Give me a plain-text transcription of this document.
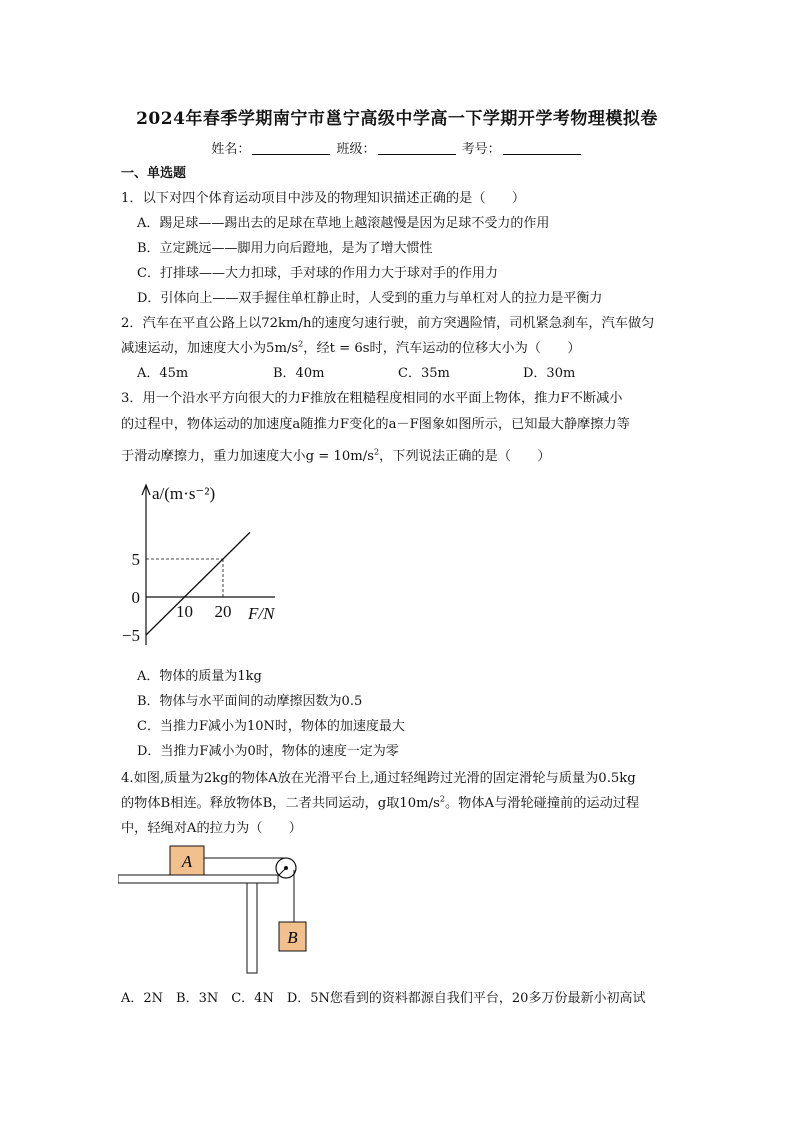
2024年春季学期南宁市邕宁高级中学高一下学期开学考物理模拟卷
姓名：	班级：	考号：
一、单选题
1．以下对四个体育运动项目中涉及的物理知识描述正确的是（　　）
A．踢足球——踢出去的足球在草地上越滚越慢是因为足球不受力的作用
B．立定跳远——脚用力向后蹬地，是为了增大惯性
C．打排球——大力扣球，手对球的作用力大于球对手的作用力
D．引体向上——双手握住单杠静止时，人受到的重力与单杠对人的拉力是平衡力
2．汽车在平直公路上以72km/h的速度匀速行驶，前方突遇险情，司机紧急刹车，汽车做匀
减速运动，加速度大小为$5m/s^2$，经t = 6s时，汽车运动的位移大小为（　　）
A．45m	B．40m	C．35m	D．30m
3．用一个沿水平方向很大的力F推放在粗糙程度相同的水平面上物体，推力F不断减小
的过程中，物体运动的加速度a随推力F变化的a－F图象如图所示，已知最大静摩擦力等
于滑动摩擦力，重力加速度大小$g = 10m/s^2$，下列说法正确的是（　　）
10 20
5
0
−5
a/(m·s⁻²)
F/N
A．物体的质量为1kg
B．物体与水平面间的动摩擦因数为0.5
C．当推力F减小为10N时，物体的加速度最大
D．当推力F减小为0时，物体的速度一定为零
4.如图,质量为2kg的物体A放在光滑平台上,通过轻绳跨过光滑的固定滑轮与质量为0.5kg
的物体B相连。释放物体B，二者共同运动，g取$10m/s^2$。物体A与滑轮碰撞前的运动过程
中，轻绳对A的拉力为（　　）
A
B
A．2N　B．3N　C．4N　D．5N您看到的资料都源自我们平台，20多万份最新小初高试
